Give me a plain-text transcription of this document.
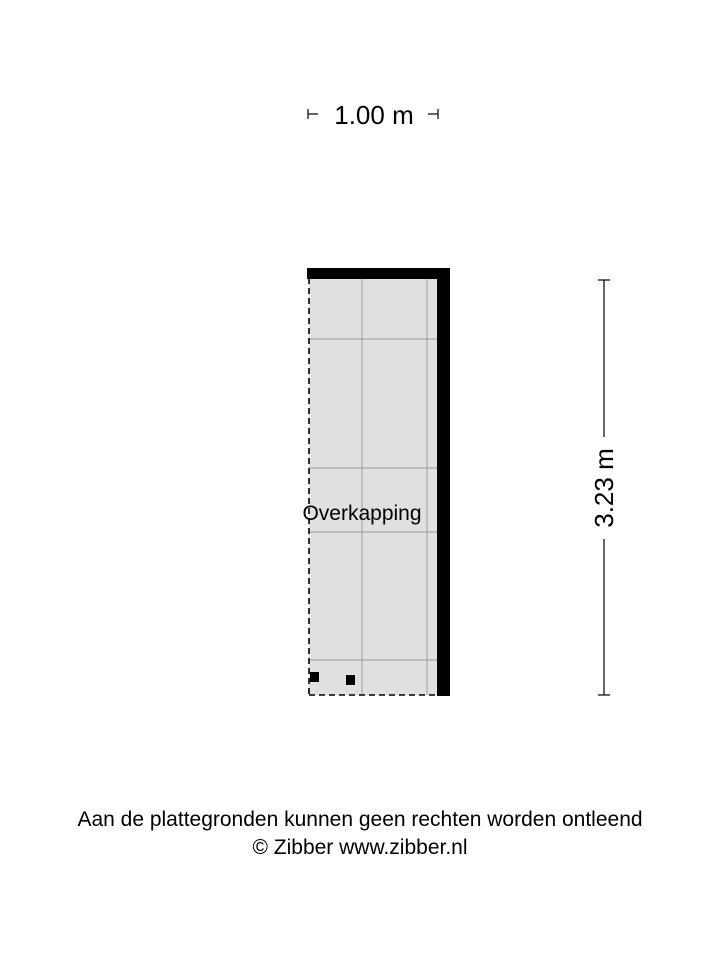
1.00 m
Overkapping	3.23 m
Aan de plattegronden kunnen geen rechten worden ontleend
© Zibber www.zibber.nl
